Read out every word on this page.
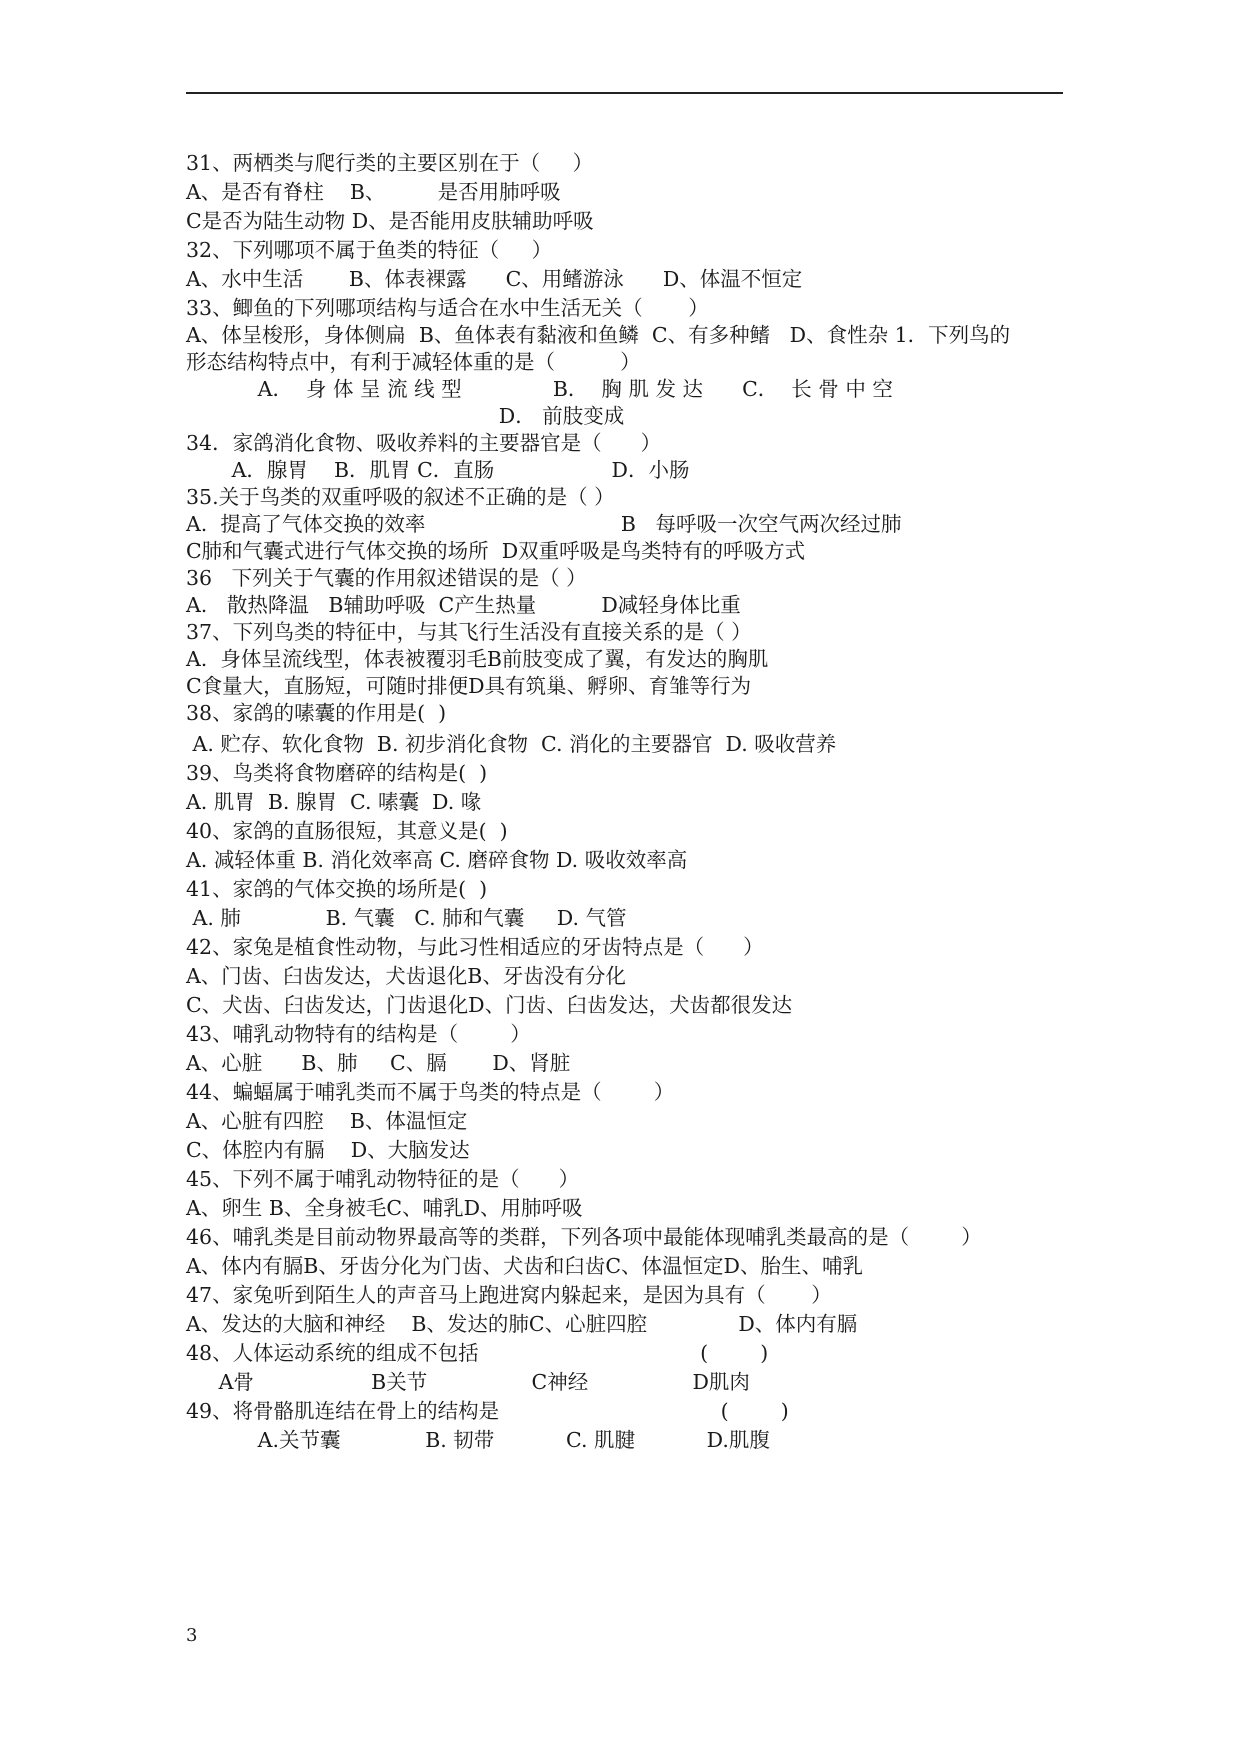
31、两栖类与爬行类的主要区别在于（     ）
A、是否有脊柱    B、        是否用肺呼吸
C是否为陆生动物 D、是否能用皮肤辅助呼吸
32、下列哪项不属于鱼类的特征（     ）
A、水中生活       B、体表裸露      C、用鳍游泳      D、体温不恒定
33、鲫鱼的下列哪项结构与适合在水中生活无关（       ）
A、体呈梭形，身体侧扁  B、鱼体表有黏液和鱼鳞  C、有多种鳍   D、食性杂 1．下列鸟的
形态结构特点中，有利于减轻体重的是（          ）
A．  身 体 呈 流 线 型              B．  胸 肌 发 达      C．  长 骨 中 空
D． 前肢变成
34．家鸽消化食物、吸收养料的主要器官是（      ）
A．腺胃    B．肌胃 C．直肠                  D．小肠
35.关于鸟类的双重呼吸的叙述不正确的是（ ）
A.  提高了气体交换的效率                              B   每呼吸一次空气两次经过肺
C肺和气囊式进行气体交换的场所  D双重呼吸是鸟类特有的呼吸方式
36   下列关于气囊的作用叙述错误的是（ ）
A.   散热降温   B辅助呼吸  C产生热量          D减轻身体比重
37、下列鸟类的特征中，与其飞行生活没有直接关系的是（ ）
A.  身体呈流线型，体表被覆羽毛B前肢变成了翼，有发达的胸肌
C食量大，直肠短，可随时排便D具有筑巢、孵卵、育雏等行为
38、家鸽的嗉囊的作用是(  )
A. 贮存、软化食物  B. 初步消化食物  C. 消化的主要器官  D. 吸收营养
39、鸟类将食物磨碎的结构是(  )
A. 肌胃  B. 腺胃  C. 嗉囊  D. 喙
40、家鸽的直肠很短，其意义是(  )
A. 减轻体重 B. 消化效率高 C. 磨碎食物 D. 吸收效率高
41、家鸽的气体交换的场所是(  )
A. 肺             B. 气囊   C. 肺和气囊     D. 气管
42、家兔是植食性动物，与此习性相适应的牙齿特点是（      ）
A、门齿、臼齿发达，犬齿退化B、牙齿没有分化
C、犬齿、臼齿发达，门齿退化D、门齿、臼齿发达，犬齿都很发达
43、哺乳动物特有的结构是（        ）
A、心脏      B、肺     C、膈       D、肾脏
44、蝙蝠属于哺乳类而不属于鸟类的特点是（        ）
A、心脏有四腔    B、体温恒定
C、体腔内有膈    D、大脑发达
45、下列不属于哺乳动物特征的是（      ）
A、卵生 B、全身被毛C、哺乳D、用肺呼吸
46、哺乳类是目前动物界最高等的类群，下列各项中最能体现哺乳类最高的是（        ）
A、体内有膈B、牙齿分化为门齿、犬齿和臼齿C、体温恒定D、胎生、哺乳
47、家兔听到陌生人的声音马上跑进窝内躲起来，是因为具有（       ）
A、发达的大脑和神经    B、发达的肺C、心脏四腔              D、体内有膈
48、人体运动系统的组成不包括                                  (        )
A骨                  B关节                C神经                D肌肉
49、将骨骼肌连结在骨上的结构是                                  (        )
A.关节囊             B. 韧带           C. 肌腱           D.肌腹
3
